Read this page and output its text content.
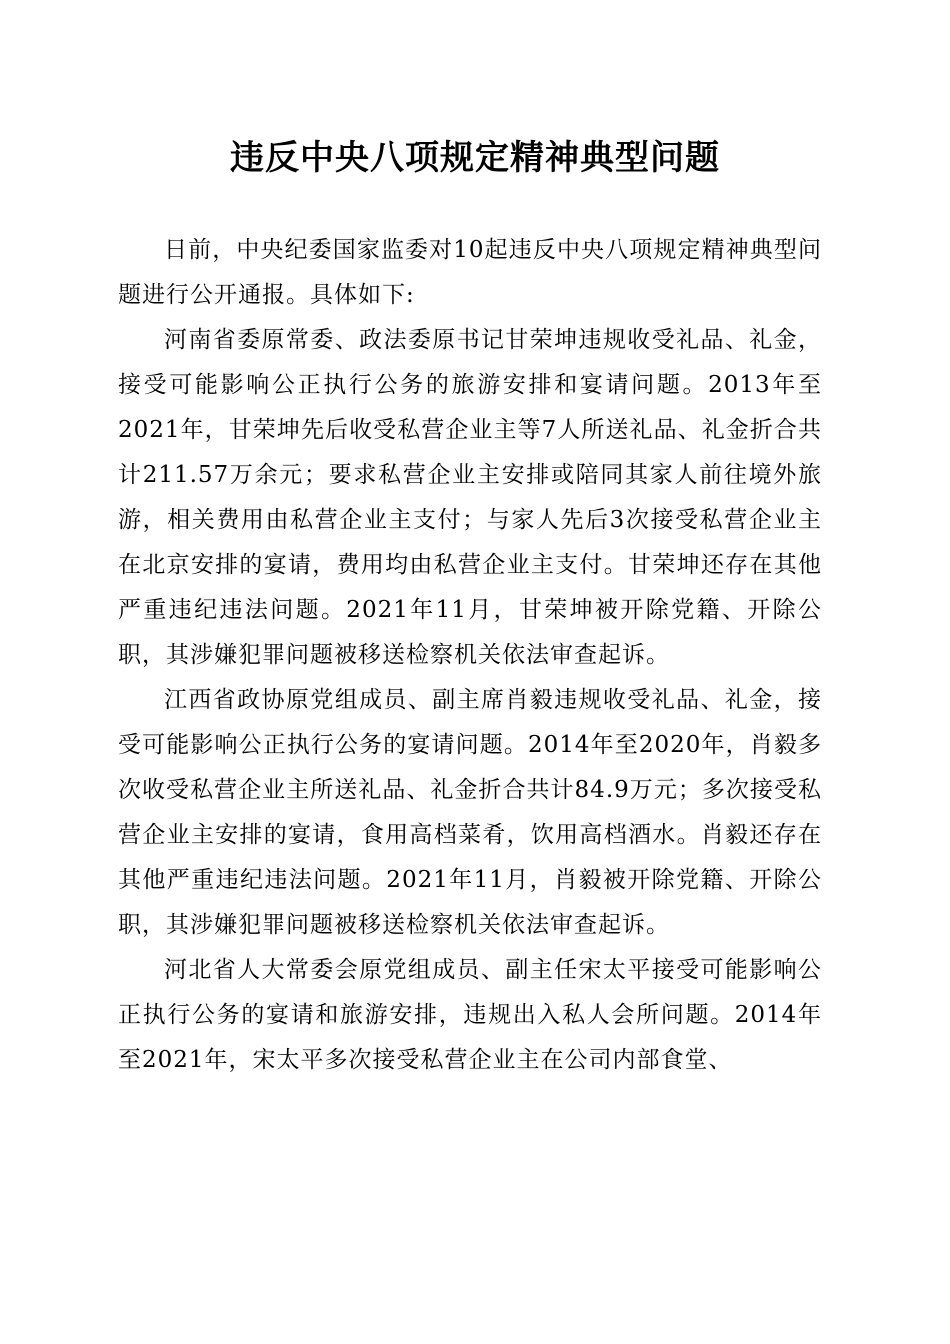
违反中央八项规定精神典型问题

日前，中央纪委国家监委对10起违反中央八项规定精神典型问题进行公开通报。具体如下:

河南省委原常委、政法委原书记甘荣坤违规收受礼品、礼金，接受可能影响公正执行公务的旅游安排和宴请问题。2013年至2021年，甘荣坤先后收受私营企业主等7人所送礼品、礼金折合共计211.57万余元；要求私营企业主安排或陪同其家人前往境外旅游，相关费用由私营企业主支付；与家人先后3次接受私营企业主在北京安排的宴请，费用均由私营企业主支付。甘荣坤还存在其他严重违纪违法问题。2021年11月，甘荣坤被开除党籍、开除公职，其涉嫌犯罪问题被移送检察机关依法审查起诉。

江西省政协原党组成员、副主席肖毅违规收受礼品、礼金，接受可能影响公正执行公务的宴请问题。2014年至2020年，肖毅多次收受私营企业主所送礼品、礼金折合共计84.9万元；多次接受私营企业主安排的宴请，食用高档菜肴，饮用高档酒水。肖毅还存在其他严重违纪违法问题。2021年11月，肖毅被开除党籍、开除公职，其涉嫌犯罪问题被移送检察机关依法审查起诉。

河北省人大常委会原党组成员、副主任宋太平接受可能影响公正执行公务的宴请和旅游安排，违规出入私人会所问题。2014年至2021年，宋太平多次接受私营企业主在公司内部食堂、
